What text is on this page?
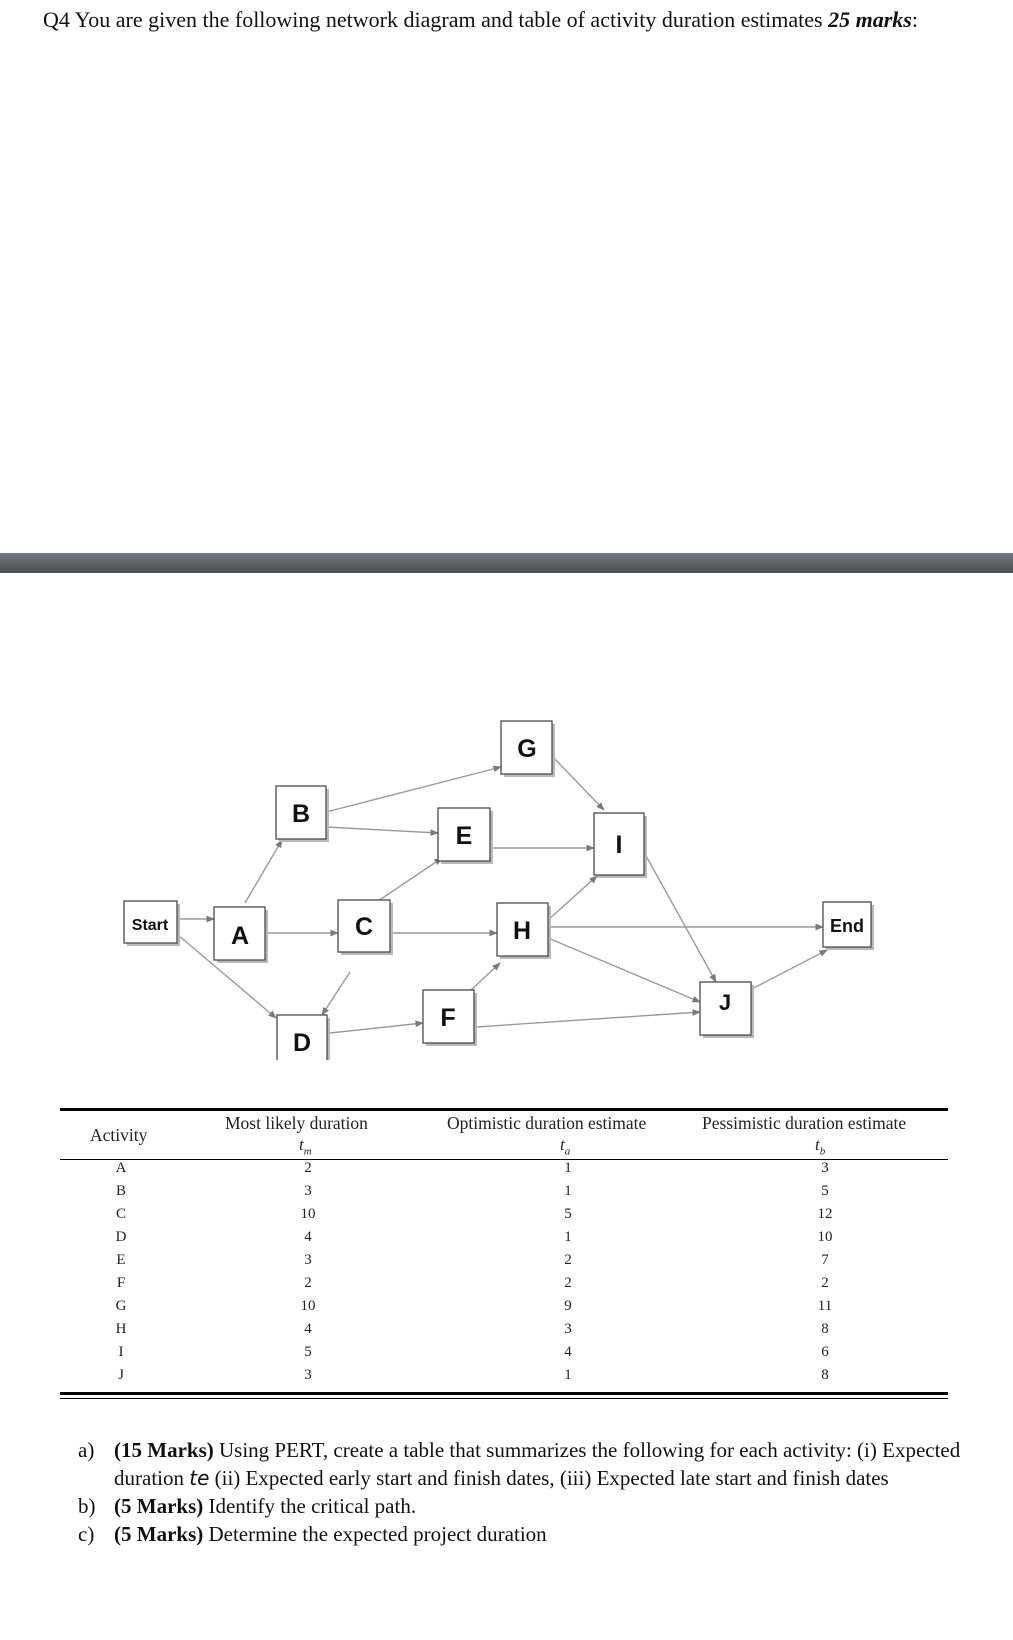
Q4 You are given the following network diagram and table of activity duration estimates 25 marks:
Start	A
B
C
D
E
F
G
H
I
J
End
Activity
Most likely duration	Optimistic duration estimate	Pessimistic duration estimate
$t_m$	$t_a$	$t_b$
A	2	1	3
B	3	1	5
C	10	5	12
D	4	1	10
E	3	2	7
F	2	2	2
G	10	9	11
H	4	3	8
I	5	4	6
J	3	1	8
a) (15 Marks) Using PERT, create a table that summarizes the following for each activity: (i) Expected duration te (ii) Expected early start and finish dates, (iii) Expected late start and finish dates
b) (5 Marks) Identify the critical path.
c) (5 Marks) Determine the expected project duration
